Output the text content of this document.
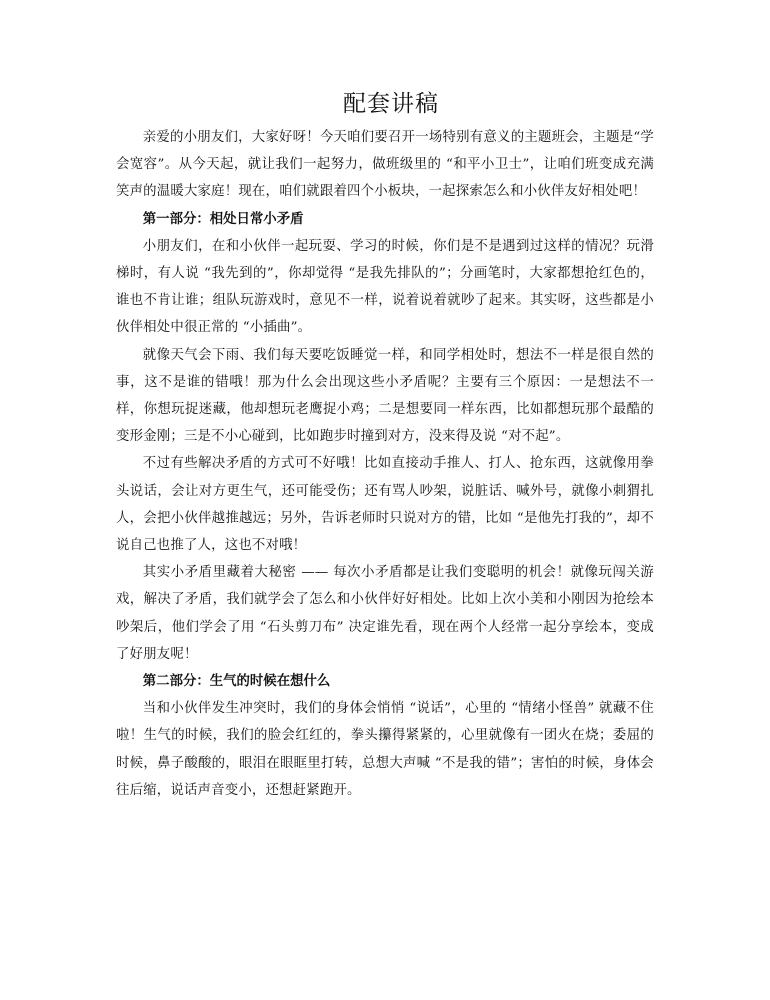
配套讲稿

亲爱的小朋友们，大家好呀！今天咱们要召开一场特别有意义的主题班会，主题是“学会宽容”。从今天起，就让我们一起努力，做班级里的 “和平小卫士”，让咱们班变成充满笑声的温暖大家庭！现在，咱们就跟着四个小板块，一起探索怎么和小伙伴友好相处吧！

第一部分：相处日常小矛盾

小朋友们，在和小伙伴一起玩耍、学习的时候，你们是不是遇到过这样的情况？玩滑梯时，有人说 “我先到的”，你却觉得 “是我先排队的”；分画笔时，大家都想抢红色的，谁也不肯让谁；组队玩游戏时，意见不一样，说着说着就吵了起来。其实呀，这些都是小伙伴相处中很正常的 “小插曲”。

就像天气会下雨、我们每天要吃饭睡觉一样，和同学相处时，想法不一样是很自然的事，这不是谁的错哦！那为什么会出现这些小矛盾呢？主要有三个原因：一是想法不一样，你想玩捉迷藏，他却想玩老鹰捉小鸡；二是想要同一样东西，比如都想玩那个最酷的变形金刚；三是不小心碰到，比如跑步时撞到对方，没来得及说 “对不起”。

不过有些解决矛盾的方式可不好哦！比如直接动手推人、打人、抢东西，这就像用拳头说话，会让对方更生气，还可能受伤；还有骂人吵架，说脏话、喊外号，就像小刺猬扎人，会把小伙伴越推越远；另外，告诉老师时只说对方的错，比如 “是他先打我的”，却不说自己也推了人，这也不对哦！

其实小矛盾里藏着大秘密 —— 每次小矛盾都是让我们变聪明的机会！就像玩闯关游戏，解决了矛盾，我们就学会了怎么和小伙伴好好相处。比如上次小美和小刚因为抢绘本吵架后，他们学会了用 “石头剪刀布” 决定谁先看，现在两个人经常一起分享绘本，变成了好朋友呢！

第二部分：生气的时候在想什么

当和小伙伴发生冲突时，我们的身体会悄悄 “说话”，心里的 “情绪小怪兽” 就藏不住啦！生气的时候，我们的脸会红红的，拳头攥得紧紧的，心里就像有一团火在烧；委屈的时候，鼻子酸酸的，眼泪在眼眶里打转，总想大声喊 “不是我的错”；害怕的时候，身体会往后缩，说话声音变小，还想赶紧跑开。
